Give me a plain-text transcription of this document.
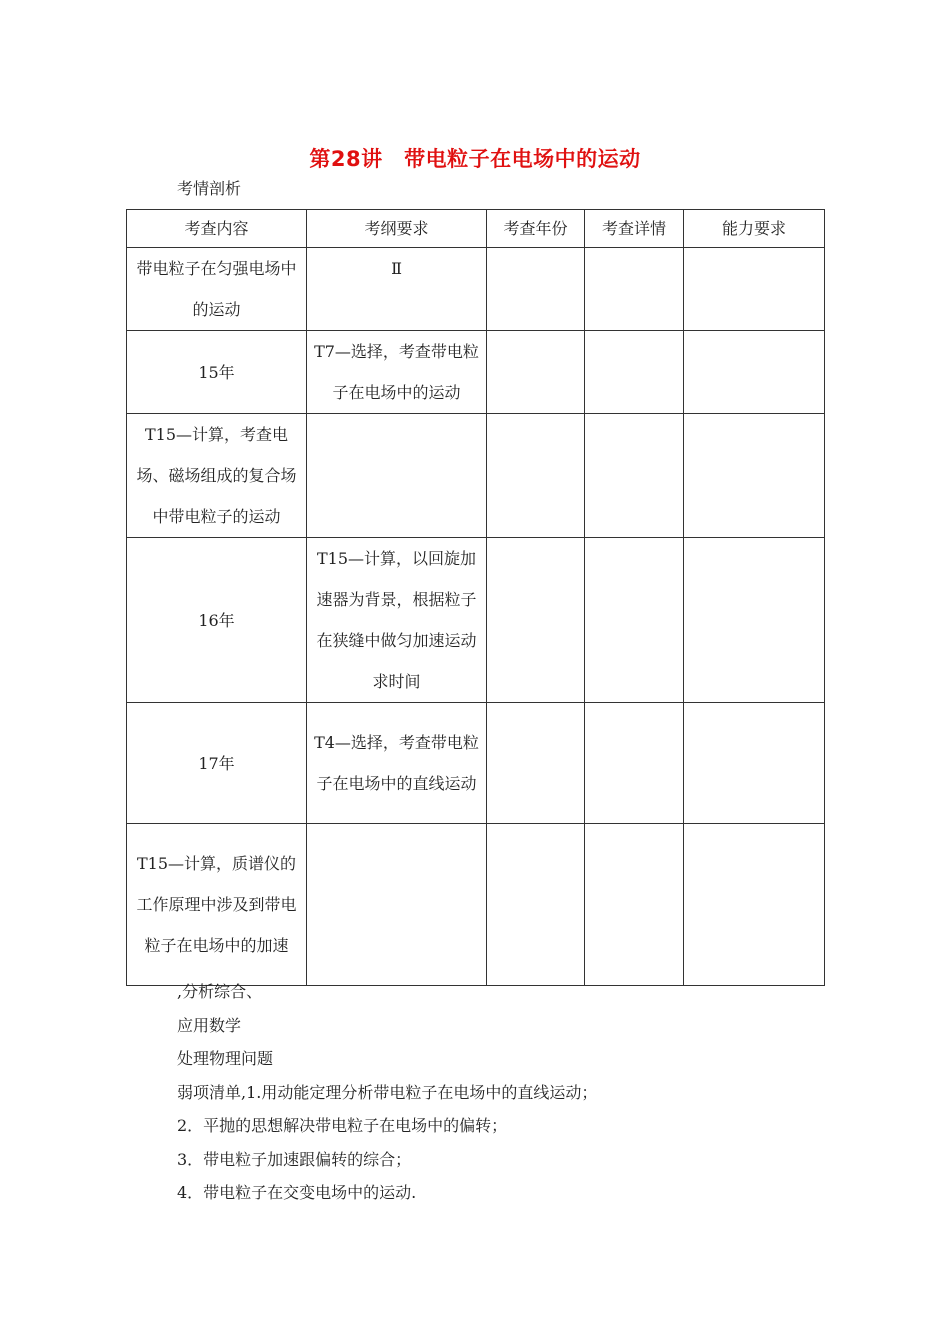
第28讲　带电粒子在电场中的运动
考情剖析
考查内容	考纲要求	考查年份	考查详情	能力要求
带电粒子在匀强电场中的运动	Ⅱ			
15年	T7—选择，考查带电粒子在电场中的运动			
T15—计算，考查电场、磁场组成的复合场中带电粒子的运动				
16年	T15—计算，以回旋加速器为背景，根据粒子在狭缝中做匀加速运动求时间			
17年	T4—选择，考查带电粒子在电场中的直线运动			
T15—计算，质谱仪的工作原理中涉及到带电粒子在电场中的加速				
,分析综合、
应用数学
处理物理问题
弱项清单,1.用动能定理分析带电粒子在电场中的直线运动；
2．平抛的思想解决带电粒子在电场中的偏转；
3．带电粒子加速跟偏转的综合；
4．带电粒子在交变电场中的运动.
